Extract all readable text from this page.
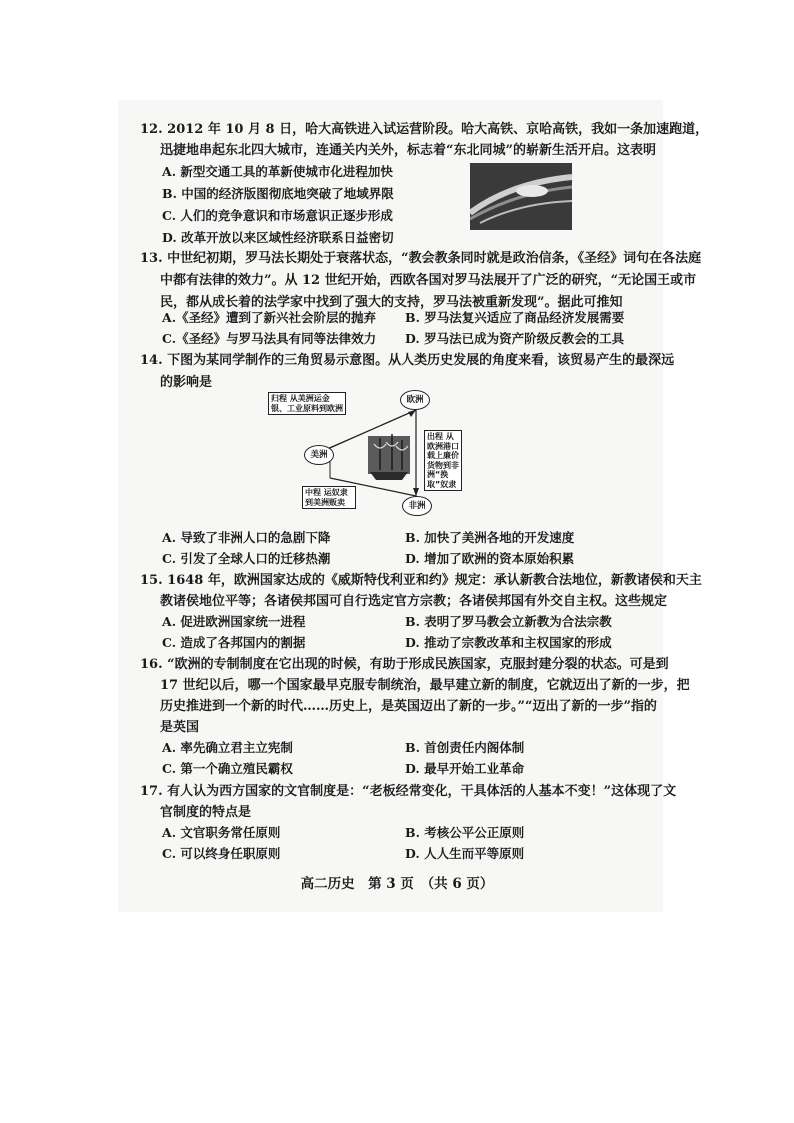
12. 2012 年 10 月 8 日，哈大高铁进入试运营阶段。哈大高铁、京哈高铁，我如一条加速跑道，
迅捷地串起东北四大城市，连通关内关外，标志着“东北同城”的崭新生活开启。这表明
A. 新型交通工具的革新使城市化进程加快
B. 中国的经济版图彻底地突破了地域界限
C. 人们的竞争意识和市场意识正逐步形成
D. 改革开放以来区域性经济联系日益密切
13. 中世纪初期，罗马法长期处于衰落状态，“教会教条同时就是政治信条，《圣经》词句在各法庭
中都有法律的效力”。从 12 世纪开始，西欧各国对罗马法展开了广泛的研究，“无论国王或市
民，都从成长着的法学家中找到了强大的支持，罗马法被重新发现”。据此可推知
A.《圣经》遭到了新兴社会阶层的抛弃 B. 罗马法复兴适应了商品经济发展需要
C.《圣经》与罗马法具有同等法律效力 D. 罗马法已成为资产阶级反教会的工具
14. 下图为某同学制作的三角贸易示意图。从人类历史发展的角度来看，该贸易产生的最深远
的影响是
归程 从美洲运金银、工业原料到欧洲
欧洲
美洲
非洲
出程 从欧洲港口载上廉价货物到非洲“换取”奴隶
中程 运奴隶到美洲贩卖
A. 导致了非洲人口的急剧下降	B. 加快了美洲各地的开发速度
C. 引发了全球人口的迁移热潮	D. 增加了欧洲的资本原始积累
15. 1648 年，欧洲国家达成的《威斯特伐利亚和约》规定：承认新教合法地位，新教诸侯和天主
教诸侯地位平等；各诸侯邦国可自行选定官方宗教；各诸侯邦国有外交自主权。这些规定
A. 促进欧洲国家统一进程	B. 表明了罗马教会立新教为合法宗教
C. 造成了各邦国内的割据	D. 推动了宗教改革和主权国家的形成
16. “欧洲的专制制度在它出现的时候，有助于形成民族国家，克服封建分裂的状态。可是到
17 世纪以后，哪一个国家最早克服专制统治，最早建立新的制度，它就迈出了新的一步，把
历史推进到一个新的时代……历史上，是英国迈出了新的一步。”“迈出了新的一步”指的
是英国
A. 率先确立君主立宪制	B. 首创责任内阁体制
C. 第一个确立殖民霸权	D. 最早开始工业革命
17. 有人认为西方国家的文官制度是：“老板经常变化，干具体活的人基本不变！”这体现了文
官制度的特点是
A. 文官职务常任原则	B. 考核公平公正原则
C. 可以终身任职原则	D. 人人生而平等原则
高二历史　第 3 页　（共 6 页）
